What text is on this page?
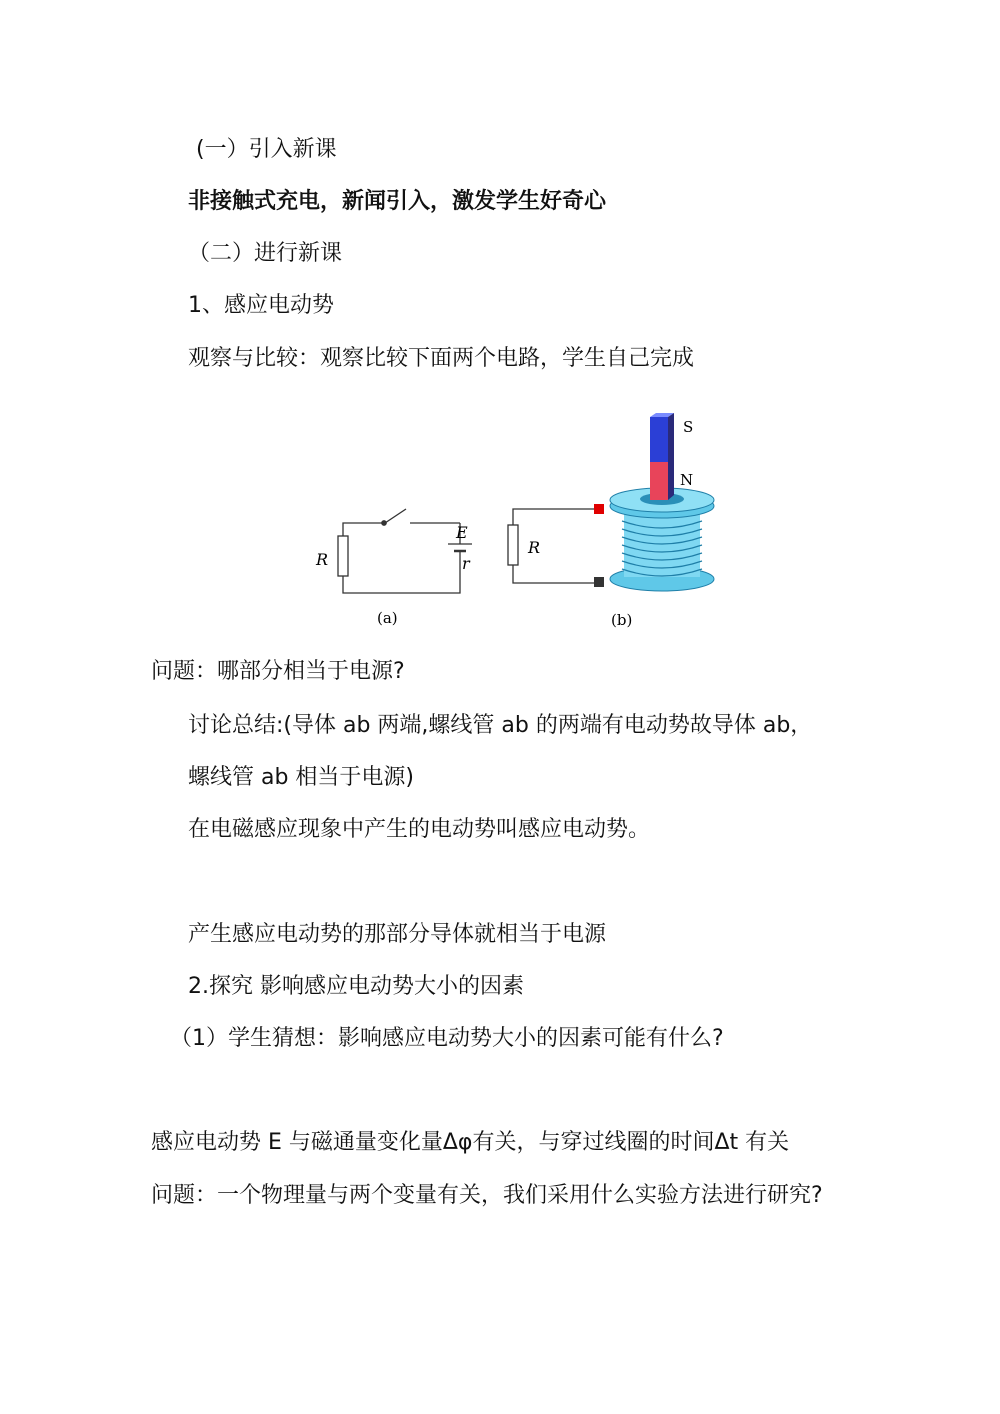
(一）引入新课
非接触式充电，新闻引入，激发学生好奇心
（二）进行新课
1、感应电动势
观察与比较：观察比较下面两个电路，学生自己完成
R
E
r
(a)
R
S
N
(b)
问题：哪部分相当于电源?
讨论总结:(导体 ab 两端,螺线管 ab 的两端有电动势故导体 ab，
螺线管 ab 相当于电源)
在电磁感应现象中产生的电动势叫感应电动势。
产生感应电动势的那部分导体就相当于电源
2.探究 影响感应电动势大小的因素
（1）学生猜想：影响感应电动势大小的因素可能有什么?
感应电动势 E 与磁通量变化量Δφ有关，与穿过线圈的时间Δt 有关
问题：一个物理量与两个变量有关，我们采用什么实验方法进行研究?
